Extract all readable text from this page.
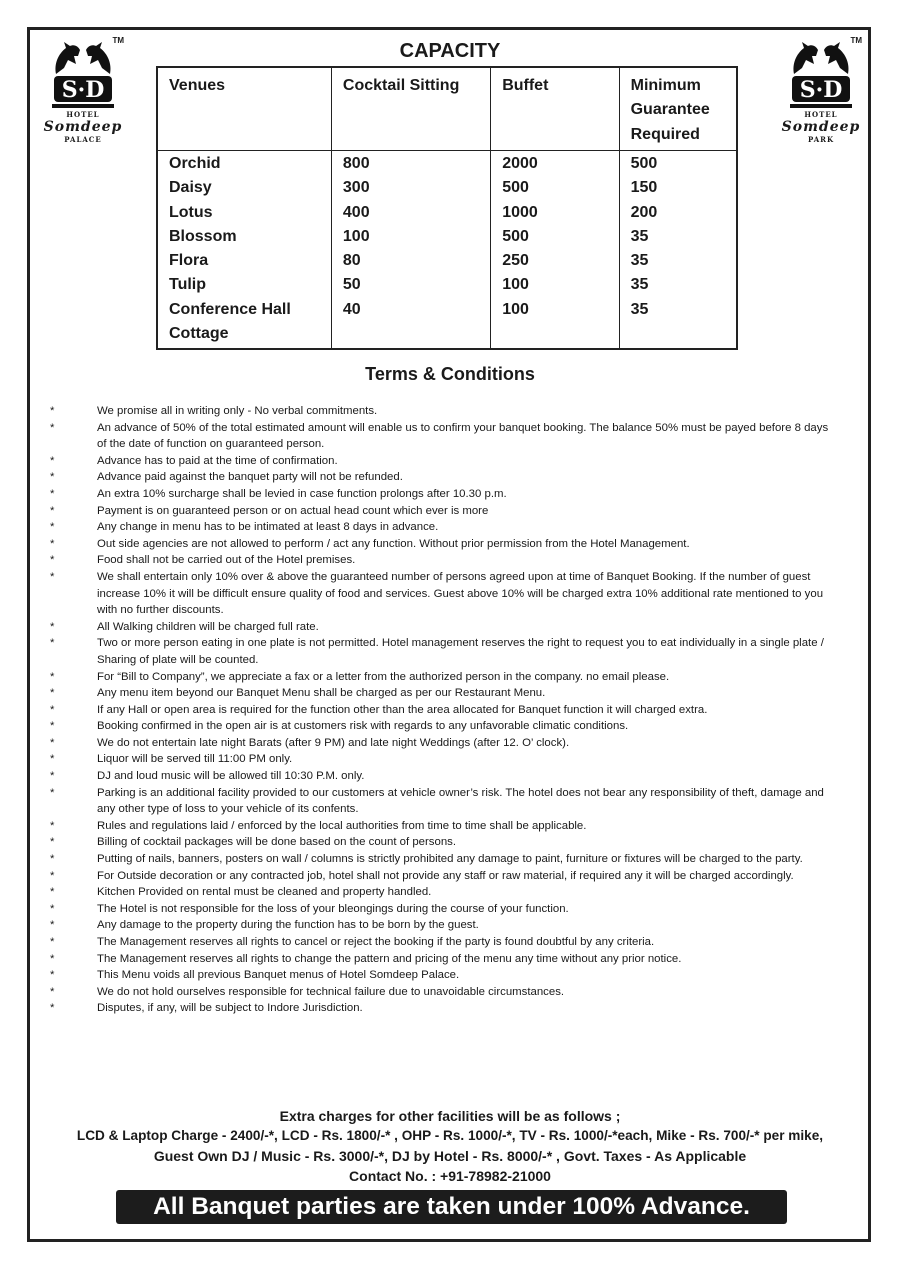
TM
S·D
HOTEL
Somdeep
PALACE
TM
S·D
HOTEL
Somdeep
PARK
CAPACITY
Venues	Cocktail Sitting	Buffet	Minimum Guarantee Required
Orchid	800	2000	500
Daisy	300	500	150
Lotus	400	1000	200
Blossom	100	500	35
Flora	80	250	35
Tulip	50	100	35
Conference Hall	40	100	35
Cottage			
Terms & Conditions
*	We promise all in writing only - No verbal commitments.
*	An advance of 50% of the total estimated amount will enable us to confirm your banquet booking. The balance 50% must be payed before 8 days of the date of function on guaranteed person.
*	Advance has to paid at the time of confirmation.
*	Advance paid against the banquet party will not be refunded.
*	An extra 10% surcharge shall be levied in case function prolongs after 10.30 p.m.
*	Payment is on guaranteed person or on actual head count which ever is more
*	Any change in menu has to be intimated at least 8 days in advance.
*	Out side agencies are not allowed to perform / act any function. Without prior permission from the Hotel Management.
*	Food shall not be carried out of the Hotel premises.
*	We shall entertain only 10% over & above the guaranteed number of persons agreed upon at time of Banquet Booking. If the number of guest increase 10% it will be difficult ensure quality of food and services. Guest above 10% will be charged extra 10% additional rate mentioned to you with no further discounts.
*	All Walking children will be charged full rate.
*	Two or more person eating in one plate is not permitted. Hotel management reserves the right to request you to eat individually in a single plate / Sharing of plate will be counted.
*	For “Bill to Company”, we appreciate a fax or a letter from the authorized person in the company. no email please.
*	Any menu item beyond our Banquet Menu shall be charged as per our Restaurant Menu.
*	If any Hall or open area is required for the function other than the area allocated for Banquet function it will charged extra.
*	Booking confirmed in the open air is at customers risk with regards to any unfavorable climatic conditions.
*	We do not entertain late night Barats (after 9 PM) and late night Weddings (after 12. O’ clock).
*	Liquor will be served till 11:00 PM only.
*	DJ and loud music will be allowed till 10:30 P.M. only.
*	Parking is an additional facility provided to our customers at vehicle owner’s risk. The hotel does not bear any responsibility of theft, damage and any other type of loss to your vehicle of its confents.
*	Rules and regulations laid / enforced by the local authorities from time to time shall be applicable.
*	Billing of cocktail packages will be done based on the count of persons.
*	Putting of nails, banners, posters on wall / columns is strictly prohibited any damage to paint, furniture or fixtures will be charged to the party.
*	For Outside decoration or any contracted job, hotel shall not provide any staff or raw material, if required any it will be charged accordingly.
*	Kitchen Provided on rental must be cleaned and property handled.
*	The Hotel is not responsible for the loss of your bleongings during the course of your function.
*	Any damage to the property during the function has to be born by the guest.
*	The Management reserves all rights to cancel or reject the booking if the party is found doubtful by any criteria.
*	The Management reserves all rights to change the pattern and pricing of the menu any time without any prior notice.
*	This Menu voids all previous Banquet menus of Hotel Somdeep Palace.
*	We do not hold ourselves responsible for technical failure due to unavoidable circumstances.
*	Disputes, if any, will be subject to Indore Jurisdiction.
Extra charges for other facilities will be as follows ;
LCD & Laptop Charge - 2400/-*, LCD - Rs. 1800/-* , OHP - Rs. 1000/-*, TV - Rs. 1000/-*each, Mike - Rs. 700/-* per mike,
Guest Own DJ / Music - Rs. 3000/-*, DJ by Hotel - Rs. 8000/-* , Govt. Taxes - As Applicable
Contact No. : +91-78982-21000
All Banquet parties are taken under 100% Advance.
